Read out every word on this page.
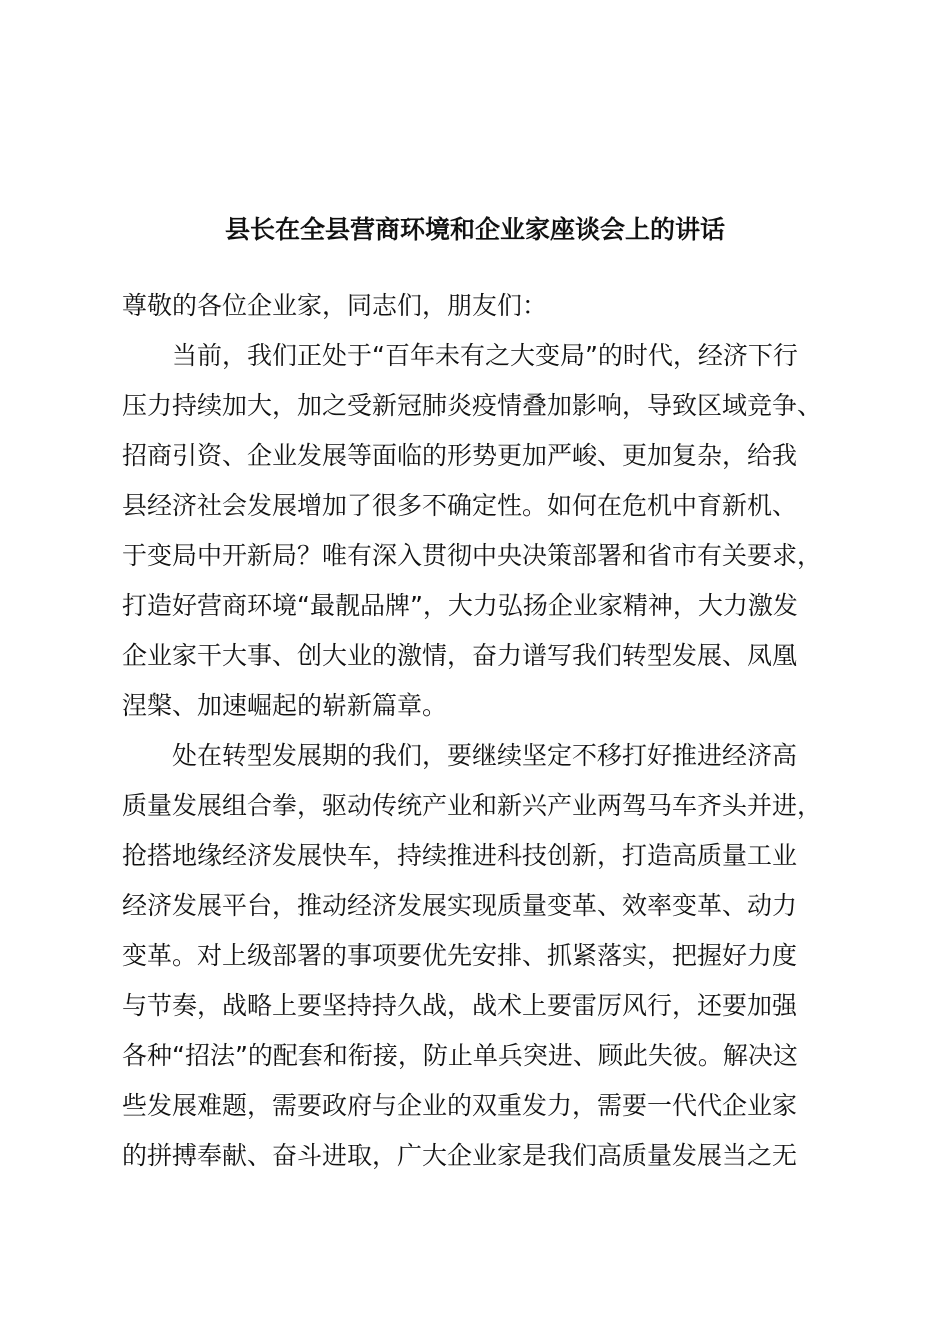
县长在全县营商环境和企业家座谈会上的讲话

尊敬的各位企业家，同志们，朋友们：

当前，我们正处于“百年未有之大变局”的时代，经济下行

压力持续加大，加之受新冠肺炎疫情叠加影响，导致区域竞争、

招商引资、企业发展等面临的形势更加严峻、更加复杂，给我

县经济社会发展增加了很多不确定性。如何在危机中育新机、

于变局中开新局？唯有深入贯彻中央决策部署和省市有关要求，

打造好营商环境“最靓品牌”，大力弘扬企业家精神，大力激发

企业家干大事、创大业的激情，奋力谱写我们转型发展、凤凰

涅槃、加速崛起的崭新篇章。

处在转型发展期的我们，要继续坚定不移打好推进经济高

质量发展组合拳，驱动传统产业和新兴产业两驾马车齐头并进，

抢搭地缘经济发展快车，持续推进科技创新，打造高质量工业

经济发展平台，推动经济发展实现质量变革、效率变革、动力

变革。对上级部署的事项要优先安排、抓紧落实，把握好力度

与节奏，战略上要坚持持久战，战术上要雷厉风行，还要加强

各种“招法”的配套和衔接，防止单兵突进、顾此失彼。解决这

些发展难题，需要政府与企业的双重发力，需要一代代企业家

的拼搏奉献、奋斗进取，广大企业家是我们高质量发展当之无
